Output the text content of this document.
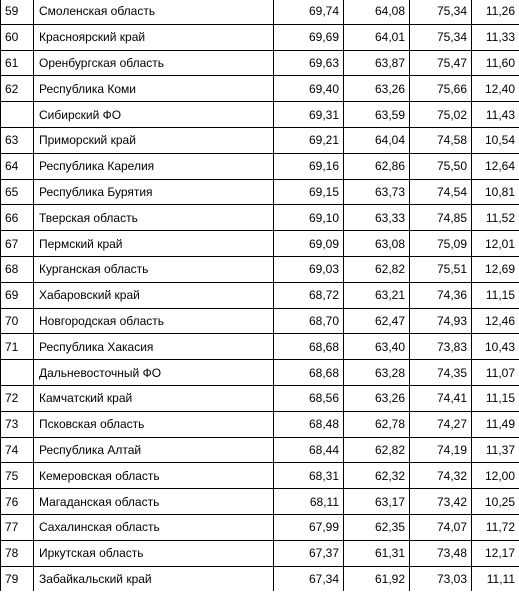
59	Смоленская область	69,74	64,08	75,34	11,26
60	Красноярский край	69,69	64,01	75,34	11,33
61	Оренбургская область	69,63	63,87	75,47	11,60
62	Республика Коми	69,40	63,26	75,66	12,40
	Сибирский ФО	69,31	63,59	75,02	11,43
63	Приморский край	69,21	64,04	74,58	10,54
64	Республика Карелия	69,16	62,86	75,50	12,64
65	Республика Бурятия	69,15	63,73	74,54	10,81
66	Тверская область	69,10	63,33	74,85	11,52
67	Пермский край	69,09	63,08	75,09	12,01
68	Курганская область	69,03	62,82	75,51	12,69
69	Хабаровский край	68,72	63,21	74,36	11,15
70	Новгородская область	68,70	62,47	74,93	12,46
71	Республика Хакасия	68,68	63,40	73,83	10,43
	Дальневосточный ФО	68,68	63,28	74,35	11,07
72	Камчатский край	68,56	63,26	74,41	11,15
73	Псковская область	68,48	62,78	74,27	11,49
74	Республика Алтай	68,44	62,82	74,19	11,37
75	Кемеровская область	68,31	62,32	74,32	12,00
76	Магаданская область	68,11	63,17	73,42	10,25
77	Сахалинская область	67,99	62,35	74,07	11,72
78	Иркутская область	67,37	61,31	73,48	12,17
79	Забайкальский край	67,34	61,92	73,03	11,11
